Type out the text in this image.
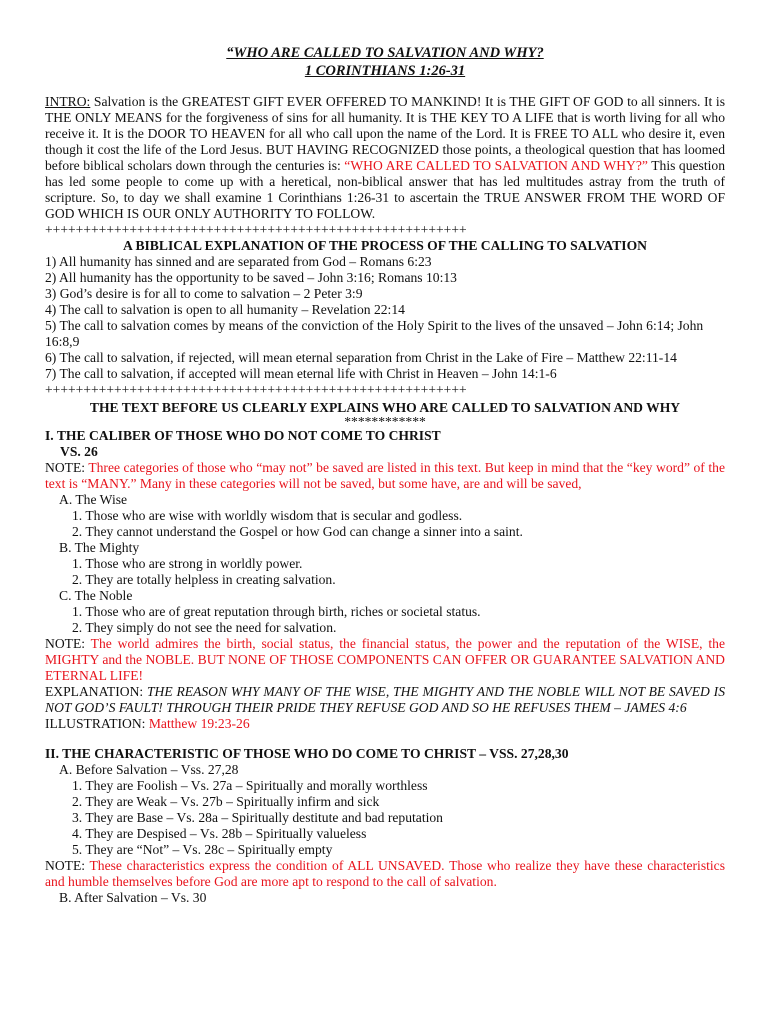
“WHO ARE CALLED TO SALVATION AND WHY?
1 CORINTHIANS 1:26-31
INTRO: Salvation is the GREATEST GIFT EVER OFFERED TO MANKIND! It is THE GIFT OF GOD to all sinners. It is THE ONLY MEANS for the forgiveness of sins for all humanity. It is THE KEY TO A LIFE that is worth living for all who receive it. It is the DOOR TO HEAVEN for all who call upon the name of the Lord. It is FREE TO ALL who desire it, even though it cost the life of the Lord Jesus. BUT HAVING RECOGNIZED those points, a theological question that has loomed before biblical scholars down through the centuries is: “WHO ARE CALLED TO SALVATION AND WHY?” This question has led some people to come up with a heretical, non-biblical answer that has led multitudes astray from the truth of scripture. So, to day we shall examine 1 Corinthians 1:26-31 to ascertain the TRUE ANSWER FROM THE WORD OF GOD WHICH IS OUR ONLY AUTHORITY TO FOLLOW.
+++++++++++++++++++++++++++++++++++++++++++++++++++++++
A BIBLICAL EXPLANATION OF THE PROCESS OF THE CALLING TO SALVATION
1) All humanity has sinned and are separated from God – Romans 6:23
2) All humanity has the opportunity to be saved – John 3:16; Romans 10:13
3) God’s desire is for all to come to salvation – 2 Peter 3:9
4) The call to salvation is open to all humanity – Revelation 22:14
5) The call to salvation comes by means of the conviction of the Holy Spirit to the lives of the unsaved – John 6:14; John 16:8,9
6) The call to salvation, if rejected, will mean eternal separation from Christ in the Lake of Fire – Matthew 22:11-14
7) The call to salvation, if accepted will mean eternal life with Christ in Heaven – John 14:1-6
+++++++++++++++++++++++++++++++++++++++++++++++++++++++
THE TEXT BEFORE US CLEARLY EXPLAINS WHO ARE CALLED TO SALVATION AND WHY
************
I. THE CALIBER OF THOSE WHO DO NOT COME TO CHRIST
VS. 26
NOTE: Three categories of those who “may not” be saved are listed in this text. But keep in mind that the “key word” of the text is “MANY.” Many in these categories will not be saved, but some have, are and will be saved,
A. The Wise
1. Those who are wise with worldly wisdom that is secular and godless.
2. They cannot understand the Gospel or how God can change a sinner into a saint.
B. The Mighty
1. Those who are strong in worldly power.
2. They are totally helpless in creating salvation.
C. The Noble
1. Those who are of great reputation through birth, riches or societal status.
2. They simply do not see the need for salvation.
NOTE: The world admires the birth, social status, the financial status, the power and the reputation of the WISE, the MIGHTY and the NOBLE. BUT NONE OF THOSE COMPONENTS CAN OFFER OR GUARANTEE SALVATION AND ETERNAL LIFE!
EXPLANATION: THE REASON WHY MANY OF THE WISE, THE MIGHTY AND THE NOBLE WILL NOT BE SAVED IS NOT GOD’S FAULT! THROUGH THEIR PRIDE THEY REFUSE GOD AND SO HE REFUSES THEM – JAMES 4:6
ILLUSTRATION: Matthew 19:23-26
II. THE CHARACTERISTIC OF THOSE WHO DO COME TO CHRIST – VSS. 27,28,30
A. Before Salvation – Vss. 27,28
1. They are Foolish – Vs. 27a – Spiritually and morally worthless
2. They are Weak – Vs. 27b – Spiritually infirm and sick
3. They are Base – Vs. 28a – Spiritually destitute and bad reputation
4. They are Despised – Vs. 28b – Spiritually valueless
5. They are “Not” – Vs. 28c – Spiritually empty
NOTE: These characteristics express the condition of ALL UNSAVED. Those who realize they have these characteristics and humble themselves before God are more apt to respond to the call of salvation.
B. After Salvation – Vs. 30
